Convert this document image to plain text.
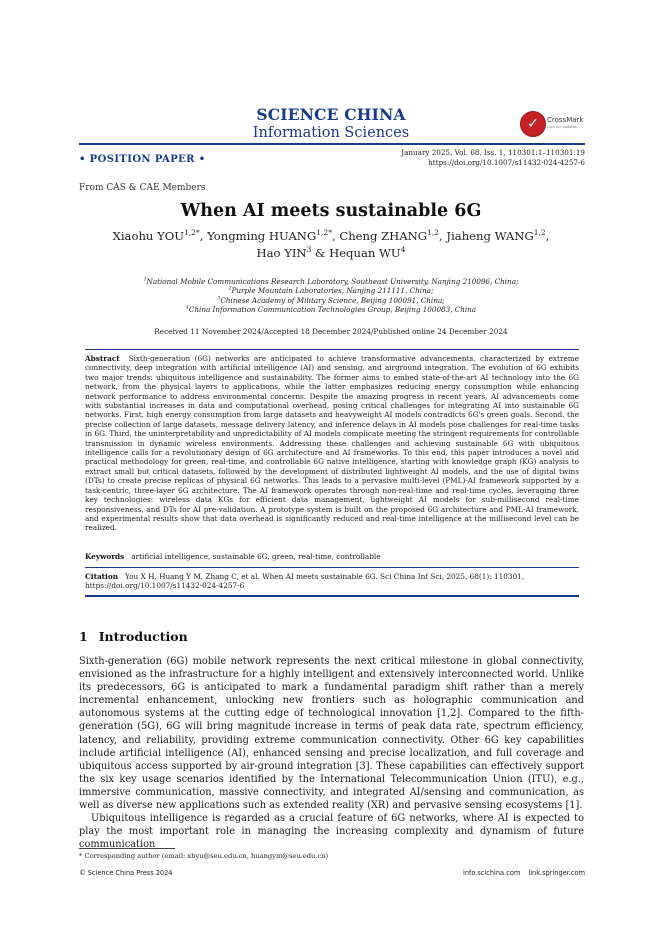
SCIENCE CHINA
Information Sciences
✓	CrossMark
click for updates
• POSITION PAPER •
January 2025, Vol. 68, Iss. 1, 110301:1–110301:19
https://doi.org/10.1007/s11432-024-4257-6
From CAS & CAE Members
When AI meets sustainable 6G
Xiaohu $YOU^{1,2*}$, Yongming $HUANG^{1,2*}$, Cheng ZHANG$^{1,2}$, Jiaheng WANG$^{1,2}$,
Hao YIN$^3$ & Hequan $WU^4$
$^1$National Mobile Communications Research Laboratory, Southeast University, Nanjing 210096, China;
$^2$Purple Mountain Laboratories, Nanjing 211111, China;
$^3$Chinese Academy of Military Science, Beijing 100091, China;
$^4$China Information Communication Technologies Group, Beijing 100083, China
Received 11 November 2024/Accepted 18 December 2024/Published online 24 December 2024
Abstract Sixth-generation (6G) networks are anticipated to achieve transformative advancements, characterized by extreme connectivity, deep integration with artificial intelligence (AI) and sensing, and airground integration. The evolution of 6G exhibits two major trends: ubiquitous intelligence and sustainability. The former aims to embed state-of-the-art AI technology into the 6G network, from the physical layers to applications, while the latter emphasizes reducing energy consumption while enhancing network performance to address environmental concerns. Despite the amazing progress in recent years, AI advancements come with substantial increases in data and computational overhead, posing critical challenges for integrating AI into sustainable 6G networks. First, high energy consumption from large datasets and heavyweight AI models contradicts 6G's green goals. Second, the precise collection of large datasets, message delivery latency, and inference delays in AI models pose challenges for real-time tasks in 6G. Third, the uninterpretability and unpredictability of AI models complicate meeting the stringent requirements for controllable transmission in dynamic wireless environments. Addressing these challenges and achieving sustainable 6G with ubiquitous intelligence calls for a revolutionary design of 6G architecture and AI frameworks. To this end, this paper introduces a novel and practical methodology for green, real-time, and controllable 6G native intelligence, starting with knowledge graph (KG) analysis to extract small but critical datasets, followed by the development of distributed lightweight AI models, and the use of digital twins (DTs) to create precise replicas of physical 6G networks. This leads to a pervasive multi-level (PML)-AI framework supported by a task-centric, three-layer 6G architecture. The AI framework operates through non-real-time and real-time cycles, leveraging three key technologies: wireless data KGs for efficient data management, lightweight AI models for sub-millisecond real-time responsiveness, and DTs for AI pre-validation. A prototype system is built on the proposed 6G architecture and PML-AI framework, and experimental results show that data overhead is significantly reduced and real-time intelligence at the millisecond level can be realized.
Keywords artificial intelligence, sustainable 6G, green, real-time, controllable
Citation You X H, Huang Y M, Zhang C, et al. When AI meets sustainable 6G. Sci China Inf Sci, 2025, 68(1): 110301, https://doi.org/10.1007/s11432-024-4257-6
1 Introduction

Sixth-generation (6G) mobile network represents the next critical milestone in global connectivity, envisioned as the infrastructure for a highly intelligent and extensively interconnected world. Unlike its predecessors, 6G is anticipated to mark a fundamental paradigm shift rather than a merely incremental enhancement, unlocking new frontiers such as holographic communication and autonomous systems at the cutting edge of technological innovation [1,2]. Compared to the fifth-generation (5G), 6G will bring magnitude increase in terms of peak data rate, spectrum efficiency, latency, and reliability, providing extreme communication connectivity. Other 6G key capabilities include artificial intelligence (AI), enhanced sensing and precise localization, and full coverage and ubiquitous access supported by air-ground integration [3]. These capabilities can effectively support the six key usage scenarios identified by the International Telecommunication Union (ITU), e.g., immersive communication, massive connectivity, and integrated AI/sensing and communication, as well as diverse new applications such as extended reality (XR) and pervasive sensing ecosystems [1].

Ubiquitous intelligence is regarded as a crucial feature of 6G networks, where AI is expected to play the most important role in managing the increasing complexity and dynamism of future communication

* Corresponding author (email: xhyu@seu.edu.cn, huangym@seu.edu.cn)
© Science China Press 2024	info.scichina.com link.springer.com
